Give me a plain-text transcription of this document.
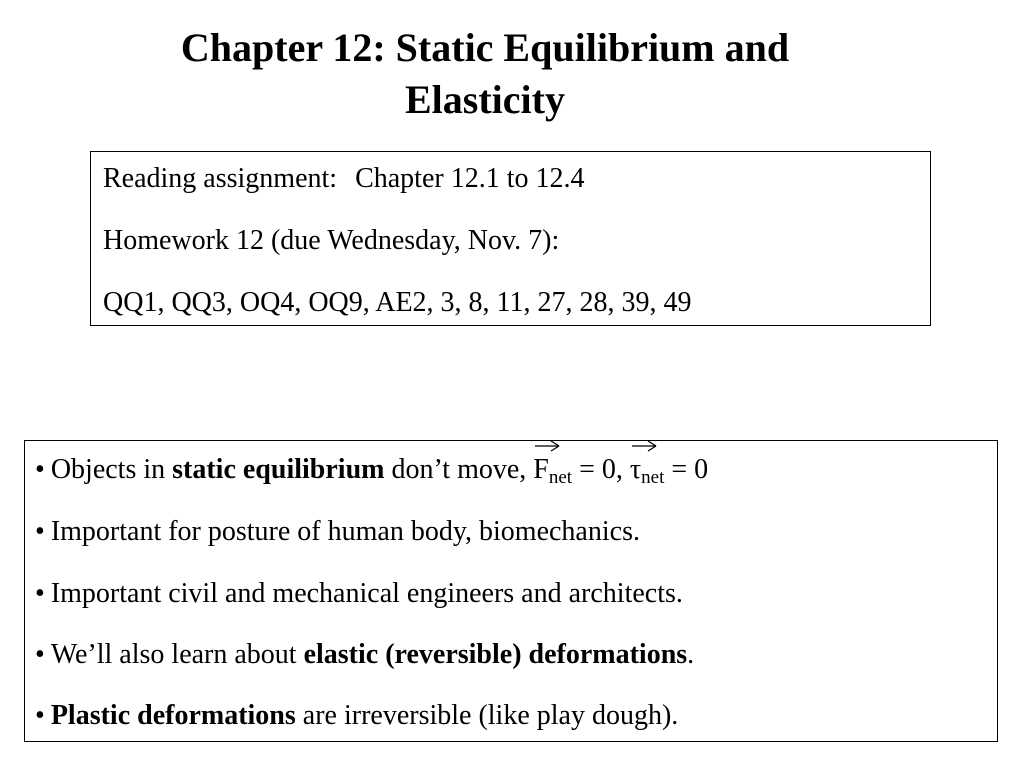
Chapter 12: Static Equilibrium and
Elasticity
Reading assignment: Chapter 12.1 to 12.4
Homework 12 (due Wednesday, Nov. 7):
QQ1, QQ3, OQ4, OQ9, AE2, 3, 8, 11, 27, 28, 39, 49
• Objects in static equilibrium don’t move,
$F_{net} = 0$,
$\tau_{net} = 0$
• Important for posture of human body, biomechanics.
• Important civil and mechanical engineers and architects.
• We’ll also learn about elastic (reversible) deformations.
• Plastic deformations are irreversible (like play dough).
